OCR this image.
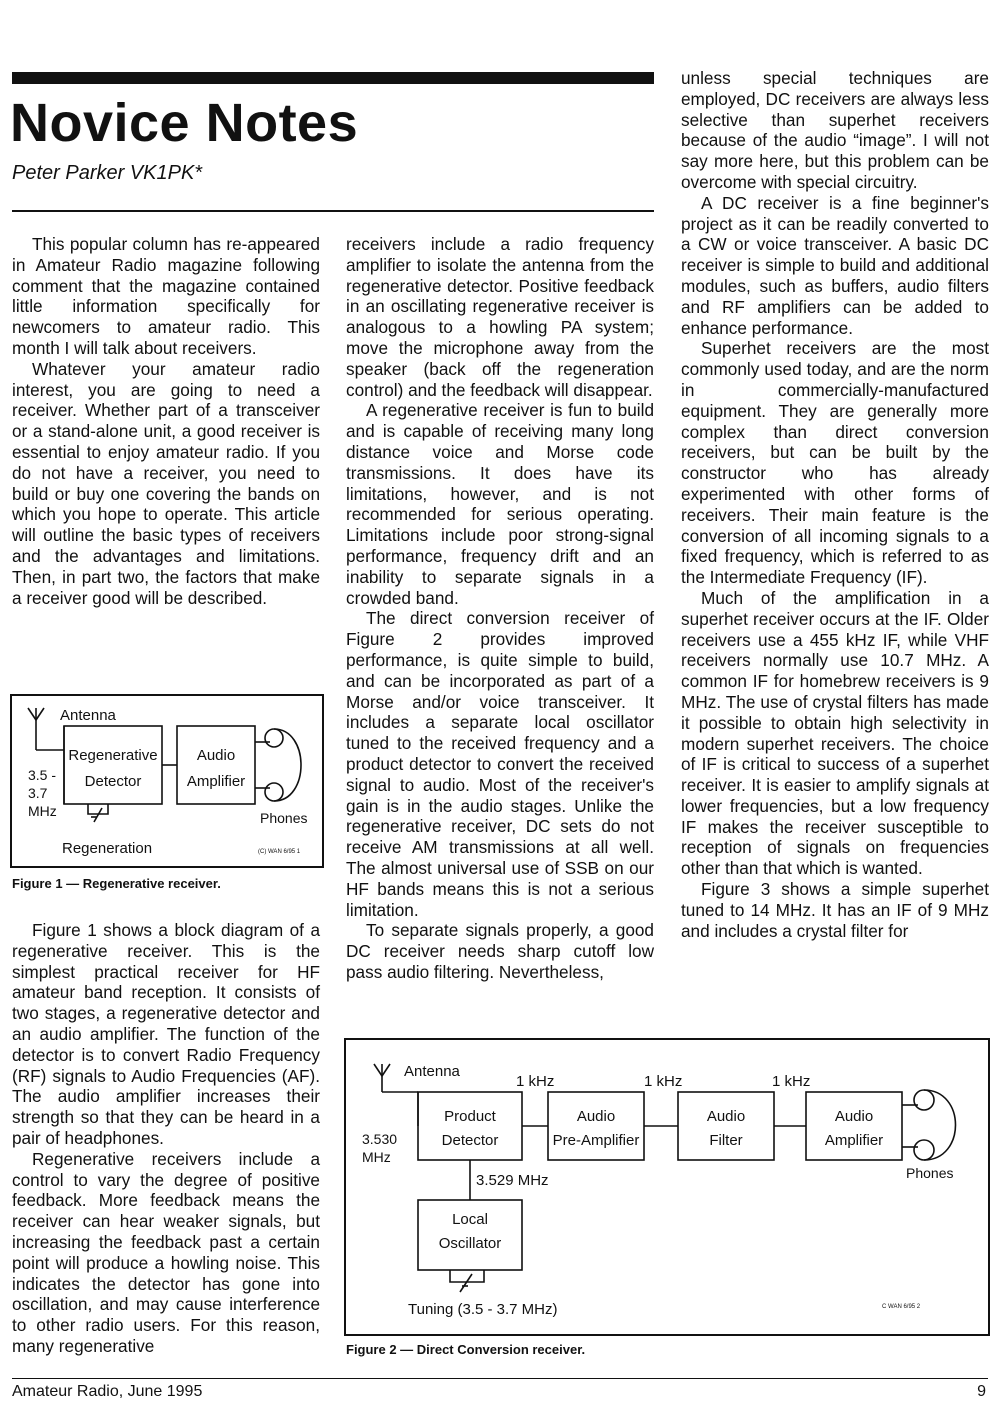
Novice Notes
Peter Parker VK1PK*

This popular column has re-appeared in Amateur Radio magazine following comment that the magazine contained little information specifically for newcomers to amateur radio. This month I will talk about receivers.

Whatever your amateur radio interest, you are going to need a receiver. Whether part of a transceiver or a stand-alone unit, a good receiver is essential to enjoy amateur radio. If you do not have a receiver, you need to build or buy one covering the bands on which you hope to operate. This article will outline the basic types of receivers and the advantages and limitations. Then, in part two, the factors that make a receiver good will be described.

Antenna
Regenerative
Detector
Audio
Amplifier
3.5 -
3.7
MHz	Phones
Regeneration	(C) WAN 6/95 1
Figure 1 — Regenerative receiver.

Figure 1 shows a block diagram of a regenerative receiver. This is the simplest practical receiver for HF amateur band reception. It consists of two stages, a regenerative detector and an audio amplifier. The function of the detector is to convert Radio Frequency (RF) signals to Audio Frequencies (AF). The audio amplifier increases their strength so that they can be heard in a pair of headphones.

Regenerative receivers include a control to vary the degree of positive feedback. More feedback means the receiver can hear weaker signals, but increasing the feedback past a certain point will produce a howling noise. This indicates the detector has gone into oscillation, and may cause interference to other radio users. For this reason, many regenerative

receivers include a radio frequency amplifier to isolate the antenna from the regenerative detector. Positive feedback in an oscillating regenerative receiver is analogous to a howling PA system; move the microphone away from the speaker (back off the regeneration control) and the feedback will disappear.

A regenerative receiver is fun to build and is capable of receiving many long distance voice and Morse code transmissions. It does have its limitations, however, and is not recommended for serious operating. Limitations include poor strong-signal performance, frequency drift and an inability to separate signals in a crowded band.

The direct conversion receiver of Figure 2 provides improved performance, is quite simple to build, and can be incorporated as part of a Morse and/or voice transceiver. It includes a separate local oscillator tuned to the received frequency and a product detector to convert the received signal to audio. Most of the receiver's gain is in the audio stages. Unlike the regenerative receiver, DC sets do not receive AM transmissions at all well. The almost universal use of SSB on our HF bands means this is not a serious limitation.

To separate signals properly, a good DC receiver needs sharp cutoff low pass audio filtering. Nevertheless,

unless special techniques are employed, DC receivers are always less selective than superhet receivers because of the audio “image”. I will not say more here, but this problem can be overcome with special circuitry.

A DC receiver is a fine beginner's project as it can be readily converted to a CW or voice transceiver. A basic DC receiver is simple to build and additional modules, such as buffers, audio filters and RF amplifiers can be added to enhance performance.

Superhet receivers are the most commonly used today, and are the norm in commercially-manufactured equipment. They are generally more complex than direct conversion receivers, but can be built by the constructor who has already experimented with other forms of receivers. Their main feature is the conversion of all incoming signals to a fixed frequency, which is referred to as the Intermediate Frequency (IF).

Much of the amplification in a superhet receiver occurs at the IF. Older receivers use a 455 kHz IF, while VHF receivers normally use 10.7 MHz. A common IF for homebrew receivers is 9 MHz. The use of crystal filters has made it possible to obtain high selectivity in modern superhet receivers. The choice of IF is critical to success of a superhet receiver. It is easier to amplify signals at lower frequencies, but a low frequency IF makes the receiver susceptible to reception of signals on frequencies other than that which is wanted.

Figure 3 shows a simple superhet tuned to 14 MHz. It has an IF of 9 MHz and includes a crystal filter for

Antenna
3.530
MHz
Product
Detector
Audio
Pre-Amplifier
Audio
Filter
Audio
Amplifier
1 kHz	1 kHz	1 kHz
3.529 MHz
Local
Oscillator
Tuning (3.5 - 3.7 MHz)
Phones
C WAN 6/95 2
Figure 2 — Direct Conversion receiver.
Amateur Radio, June 1995	9
